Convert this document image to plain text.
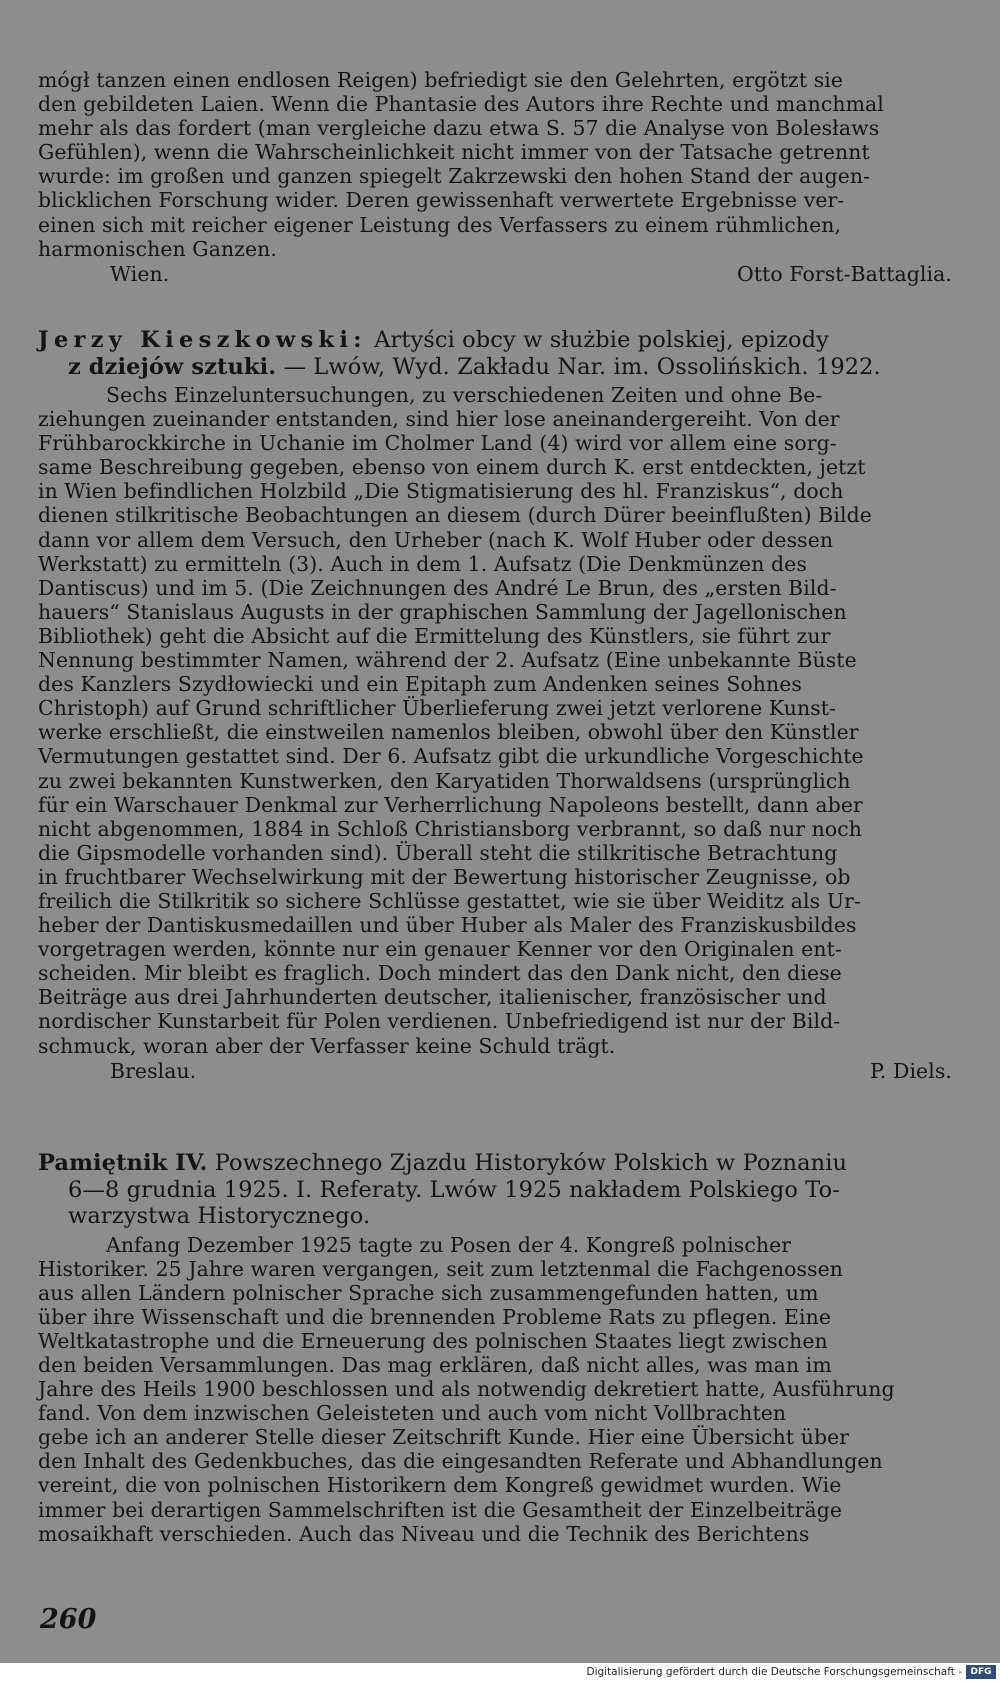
mógł tanzen einen endlosen Reigen) befriedigt sie den Gelehrten, ergötzt sie

den gebildeten Laien. Wenn die Phantasie des Autors ihre Rechte und manchmal

mehr als das fordert (man vergleiche dazu etwa S. 57 die Analyse von Bolesławs

Gefühlen), wenn die Wahrscheinlichkeit nicht immer von der Tatsache getrennt

wurde: im großen und ganzen spiegelt Zakrzewski den hohen Stand der augen-

blicklichen Forschung wider. Deren gewissenhaft verwertete Ergebnisse ver-

einen sich mit reicher eigener Leistung des Verfassers zu einem rühmlichen,

harmonischen Ganzen.

Wien.	Otto Forst-Battaglia.
Jerzy Kieszkowski: Artyści obcy w służbie polskiej, epizody
z dziejów sztuki. — Lwów, Wyd. Zakładu Nar. im. Ossolińskich. 1922.

Sechs Einzeluntersuchungen, zu verschiedenen Zeiten und ohne Be-

ziehungen zueinander entstanden, sind hier lose aneinandergereiht. Von der

Frühbarockkirche in Uchanie im Cholmer Land (4) wird vor allem eine sorg-

same Beschreibung gegeben, ebenso von einem durch K. erst entdeckten, jetzt

in Wien befindlichen Holzbild „Die Stigmatisierung des hl. Franziskus“, doch

dienen stilkritische Beobachtungen an diesem (durch Dürer beeinflußten) Bilde

dann vor allem dem Versuch, den Urheber (nach K. Wolf Huber oder dessen

Werkstatt) zu ermitteln (3). Auch in dem 1. Aufsatz (Die Denkmünzen des

Dantiscus) und im 5. (Die Zeichnungen des André Le Brun, des „ersten Bild-

hauers“ Stanislaus Augusts in der graphischen Sammlung der Jagellonischen

Bibliothek) geht die Absicht auf die Ermittelung des Künstlers, sie führt zur

Nennung bestimmter Namen, während der 2. Aufsatz (Eine unbekannte Büste

des Kanzlers Szydłowiecki und ein Epitaph zum Andenken seines Sohnes

Christoph) auf Grund schriftlicher Überlieferung zwei jetzt verlorene Kunst-

werke erschließt, die einstweilen namenlos bleiben, obwohl über den Künstler

Vermutungen gestattet sind. Der 6. Aufsatz gibt die urkundliche Vorgeschichte

zu zwei bekannten Kunstwerken, den Karyatiden Thorwaldsens (ursprünglich

für ein Warschauer Denkmal zur Verherrlichung Napoleons bestellt, dann aber

nicht abgenommen, 1884 in Schloß Christiansborg verbrannt, so daß nur noch

die Gipsmodelle vorhanden sind). Überall steht die stilkritische Betrachtung

in fruchtbarer Wechselwirkung mit der Bewertung historischer Zeugnisse, ob

freilich die Stilkritik so sichere Schlüsse gestattet, wie sie über Weiditz als Ur-

heber der Dantiskusmedaillen und über Huber als Maler des Franziskusbildes

vorgetragen werden, könnte nur ein genauer Kenner vor den Originalen ent-

scheiden. Mir bleibt es fraglich. Doch mindert das den Dank nicht, den diese

Beiträge aus drei Jahrhunderten deutscher, italienischer, französischer und

nordischer Kunstarbeit für Polen verdienen. Unbefriedigend ist nur der Bild-

schmuck, woran aber der Verfasser keine Schuld trägt.

Breslau.	P. Diels.
Pamiętnik IV. Powszechnego Zjazdu Historyków Polskich w Poznaniu
6—8 grudnia 1925. I. Referaty. Lwów 1925 nakładem Polskiego To-
warzystwa Historycznego.

Anfang Dezember 1925 tagte zu Posen der 4. Kongreß polnischer

Historiker. 25 Jahre waren vergangen, seit zum letztenmal die Fachgenossen

aus allen Ländern polnischer Sprache sich zusammengefunden hatten, um

über ihre Wissenschaft und die brennenden Probleme Rats zu pflegen. Eine

Weltkatastrophe und die Erneuerung des polnischen Staates liegt zwischen

den beiden Versammlungen. Das mag erklären, daß nicht alles, was man im

Jahre des Heils 1900 beschlossen und als notwendig dekretiert hatte, Ausführung

fand. Von dem inzwischen Geleisteten und auch vom nicht Vollbrachten

gebe ich an anderer Stelle dieser Zeitschrift Kunde. Hier eine Übersicht über

den Inhalt des Gedenkbuches, das die eingesandten Referate und Abhandlungen

vereint, die von polnischen Historikern dem Kongreß gewidmet wurden. Wie

immer bei derartigen Sammelschriften ist die Gesamtheit der Einzelbeiträge

mosaikhaft verschieden. Auch das Niveau und die Technik des Berichtens

260
Digitalisierung gefördert durch die Deutsche Forschungsgemeinschaft - DFG
